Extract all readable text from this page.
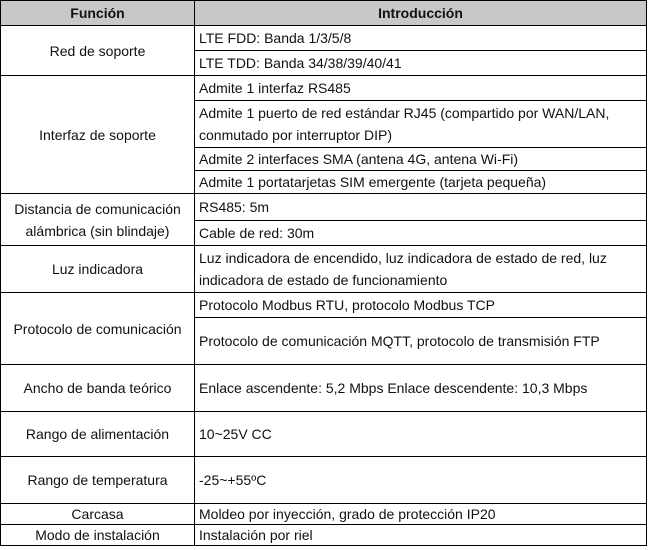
Función	Introducción
Red de soporte	LTE FDD: Banda 1/3/5/8
	LTE TDD: Banda 34/38/39/40/41
Interfaz de soporte	Admite 1 interfaz RS485
	Admite 1 puerto de red estándar RJ45 (compartido por WAN/LAN, conmutado por interruptor DIP)
	Admite 2 interfaces SMA (antena 4G, antena Wi-Fi)
	Admite 1 portatarjetas SIM emergente (tarjeta pequeña)
Distancia de comunicación alámbrica (sin blindaje)	RS485: 5m
	Cable de red: 30m
Luz indicadora	Luz indicadora de encendido, luz indicadora de estado de red, luz indicadora de estado de funcionamiento
Protocolo de comunicación	Protocolo Modbus RTU, protocolo Modbus TCP
	Protocolo de comunicación MQTT, protocolo de transmisión FTP
Ancho de banda teórico	Enlace ascendente: 5,2 Mbps Enlace descendente: 10,3 Mbps
Rango de alimentación	10~25V CC
Rango de temperatura	-25~+55ºC
Carcasa	Moldeo por inyección, grado de protección IP20
Modo de instalación	Instalación por riel
